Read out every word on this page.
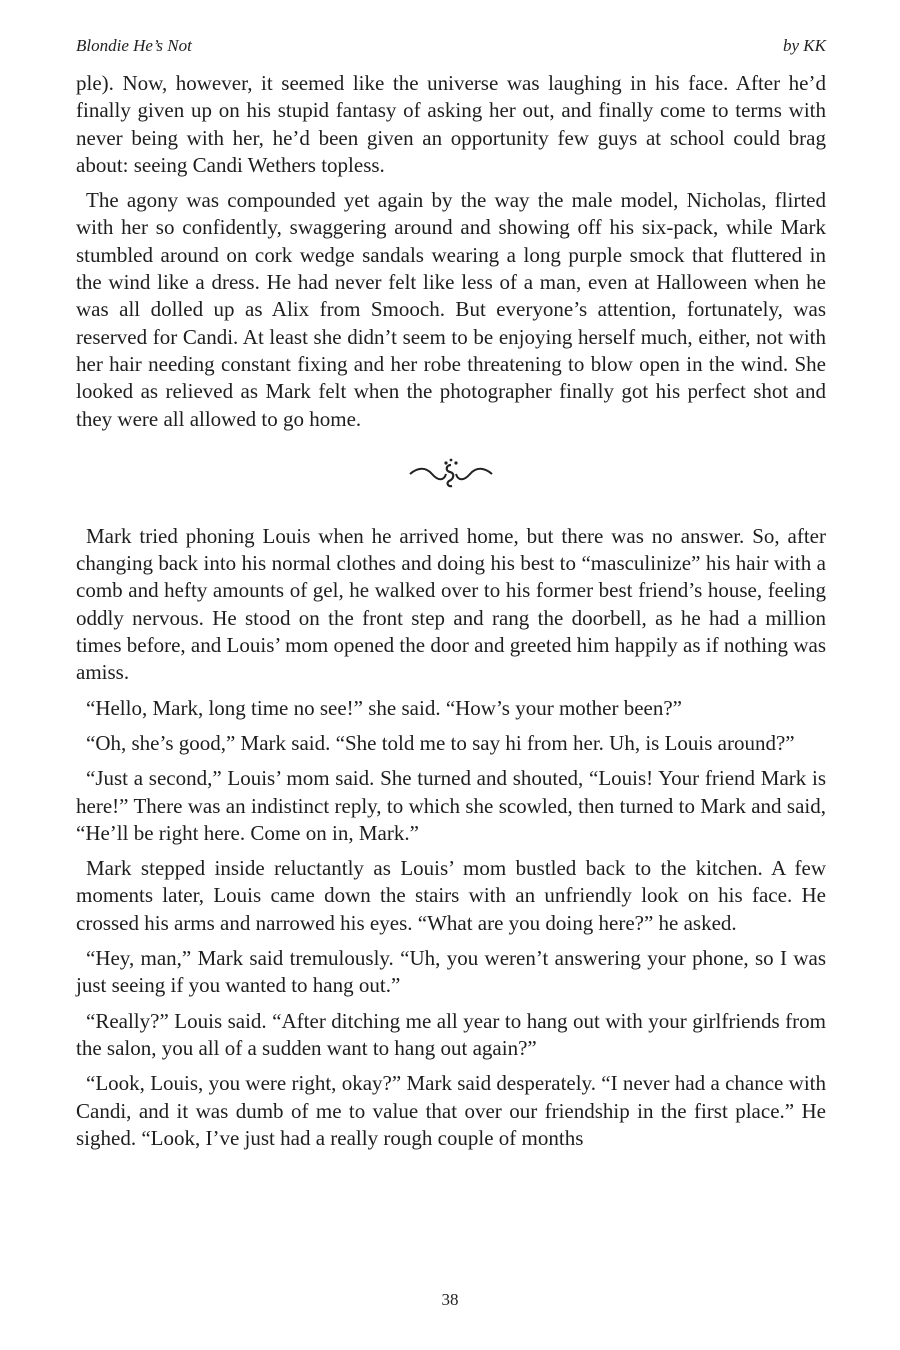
Blondie He’s Not	by KK

ple). Now, however, it seemed like the universe was laughing in his face. After he’d finally given up on his stupid fantasy of asking her out, and finally come to terms with never being with her, he’d been given an opportunity few guys at school could brag about: seeing Candi Wethers topless.

The agony was compounded yet again by the way the male model, Nicholas, flirted with her so confidently, swaggering around and showing off his six-pack, while Mark stumbled around on cork wedge sandals wearing a long purple smock that fluttered in the wind like a dress. He had never felt like less of a man, even at Halloween when he was all dolled up as Alix from Smooch. But everyone’s attention, fortunately, was reserved for Candi. At least she didn’t seem to be enjoying herself much, either, not with her hair needing constant fixing and her robe threatening to blow open in the wind. She looked as relieved as Mark felt when the photographer finally got his perfect shot and they were all allowed to go home.

Mark tried phoning Louis when he arrived home, but there was no answer. So, after changing back into his normal clothes and doing his best to “masculinize” his hair with a comb and hefty amounts of gel, he walked over to his former best friend’s house, feeling oddly nervous. He stood on the front step and rang the doorbell, as he had a million times before, and Louis’ mom opened the door and greeted him happily as if nothing was amiss.

“Hello, Mark, long time no see!” she said. “How’s your mother been?”

“Oh, she’s good,” Mark said. “She told me to say hi from her. Uh, is Louis around?”

“Just a second,” Louis’ mom said. She turned and shouted, “Louis! Your friend Mark is here!” There was an indistinct reply, to which she scowled, then turned to Mark and said, “He’ll be right here. Come on in, Mark.”

Mark stepped inside reluctantly as Louis’ mom bustled back to the kitchen. A few moments later, Louis came down the stairs with an unfriendly look on his face. He crossed his arms and narrowed his eyes. “What are you doing here?” he asked.

“Hey, man,” Mark said tremulously. “Uh, you weren’t answering your phone, so I was just seeing if you wanted to hang out.”

“Really?” Louis said. “After ditching me all year to hang out with your girlfriends from the salon, you all of a sudden want to hang out again?”

“Look, Louis, you were right, okay?” Mark said desperately. “I never had a chance with Candi, and it was dumb of me to value that over our friendship in the first place.” He sighed. “Look, I’ve just had a really rough couple of months

38
